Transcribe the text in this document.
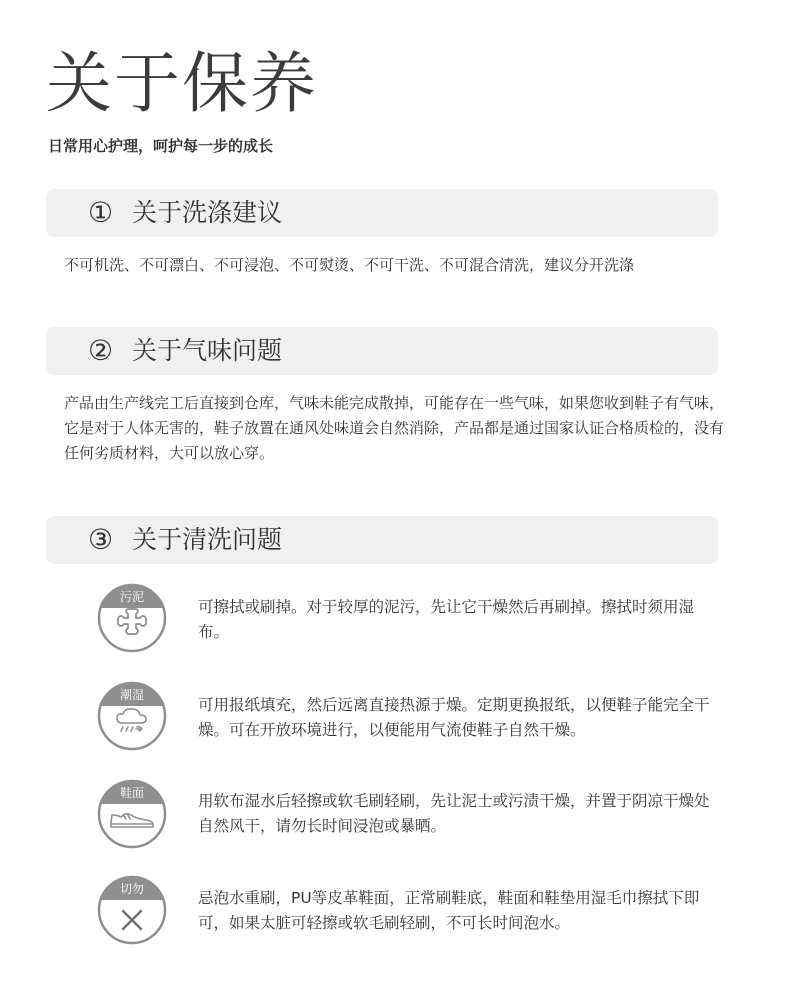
关于保养

日常用心护理，呵护每一步的成长

① 关于洗涤建议

不可机洗、不可漂白、不可浸泡、不可熨烫、不可干洗、不可混合清洗，建议分开洗涤

② 关于气味问题

产品由生产线完工后直接到仓库，气味未能完成散掉，可能存在一些气味，如果您收到鞋子有气味，它是对于人体无害的，鞋子放置在通风处味道会自然消除，产品都是通过国家认证合格质检的，没有任何劣质材料，大可以放心穿。

③ 关于清洗问题
污泥

可擦拭或刷掉。对于较厚的泥污，先让它干燥然后再刷掉。擦拭时须用湿布。

潮湿

可用报纸填充，然后远离直接热源于燥。定期更换报纸，以便鞋子能完全干燥。可在开放环境进行，以便能用气流使鞋子自然干燥。

鞋面	用软布湿水后轻擦或软毛刷轻刷，先让泥士或污渍干燥，并置于阴凉干燥处自然风干，请勿长时间浸泡或暴晒。

切勿	忌泡水重刷，PU等皮革鞋面，正常刷鞋底，鞋面和鞋垫用湿毛巾擦拭下即可，如果太脏可轻擦或软毛刷轻刷，不可长时间泡水。
